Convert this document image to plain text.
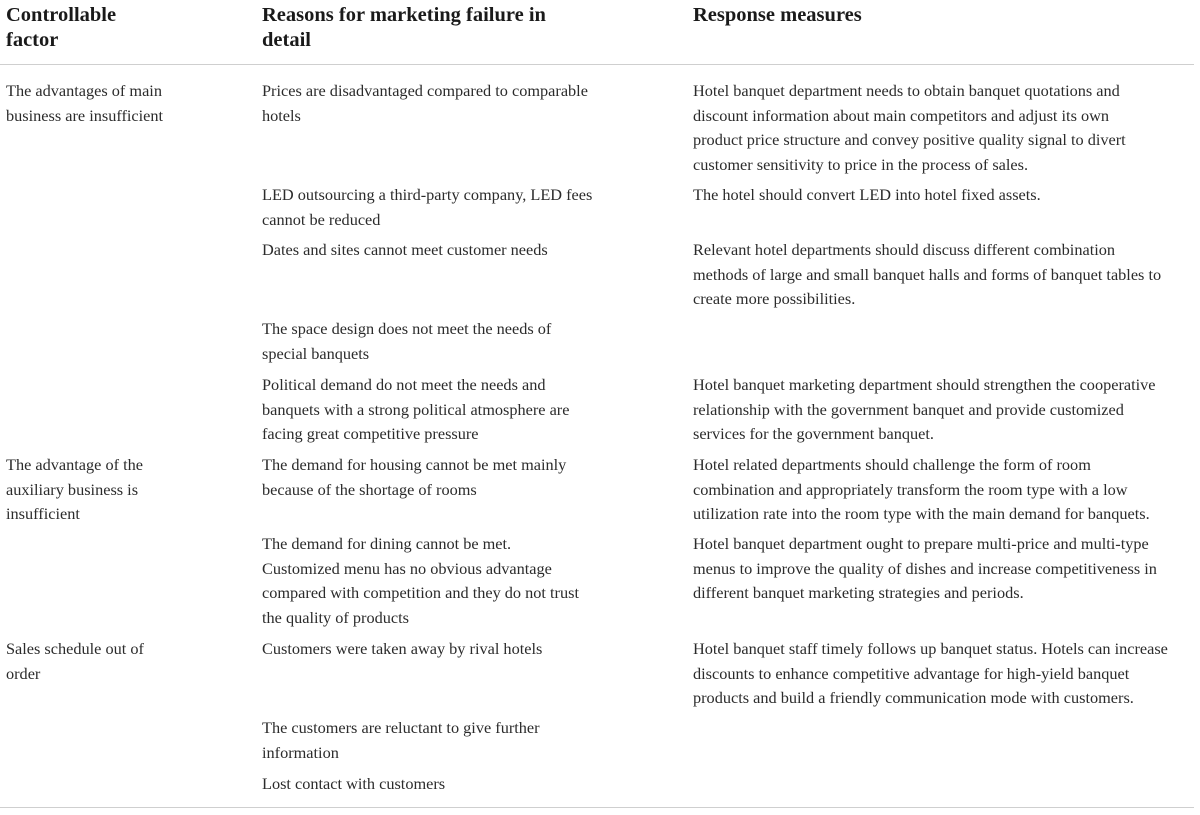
Controllable
factor

Reasons for marketing failure in
detail

Response measures

The advantages of main
business are insufficient

Prices are disadvantaged compared to comparable
hotels

Hotel banquet department needs to obtain banquet quotations and
discount information about main competitors and adjust its own
product price structure and convey positive quality signal to divert
customer sensitivity to price in the process of sales.

LED outsourcing a third-party company, LED fees
cannot be reduced

The hotel should convert LED into hotel fixed assets.

Dates and sites cannot meet customer needs	Relevant hotel departments should discuss different combination
methods of large and small banquet halls and forms of banquet tables to
create more possibilities.

The space design does not meet the needs of
special banquets

Political demand do not meet the needs and
banquets with a strong political atmosphere are
facing great competitive pressure

Hotel banquet marketing department should strengthen the cooperative
relationship with the government banquet and provide customized
services for the government banquet.

The advantage of the
auxiliary business is
insufficient

The demand for housing cannot be met mainly
because of the shortage of rooms

Hotel related departments should challenge the form of room
combination and appropriately transform the room type with a low
utilization rate into the room type with the main demand for banquets.

The demand for dining cannot be met.
Customized menu has no obvious advantage
compared with competition and they do not trust
the quality of products

Hotel banquet department ought to prepare multi-price and multi-type
menus to improve the quality of dishes and increase competitiveness in
different banquet marketing strategies and periods.

Sales schedule out of
order

Customers were taken away by rival hotels	Hotel banquet staff timely follows up banquet status. Hotels can increase
discounts to enhance competitive advantage for high-yield banquet
products and build a friendly communication mode with customers.

The customers are reluctant to give further
information

Lost contact with customers
